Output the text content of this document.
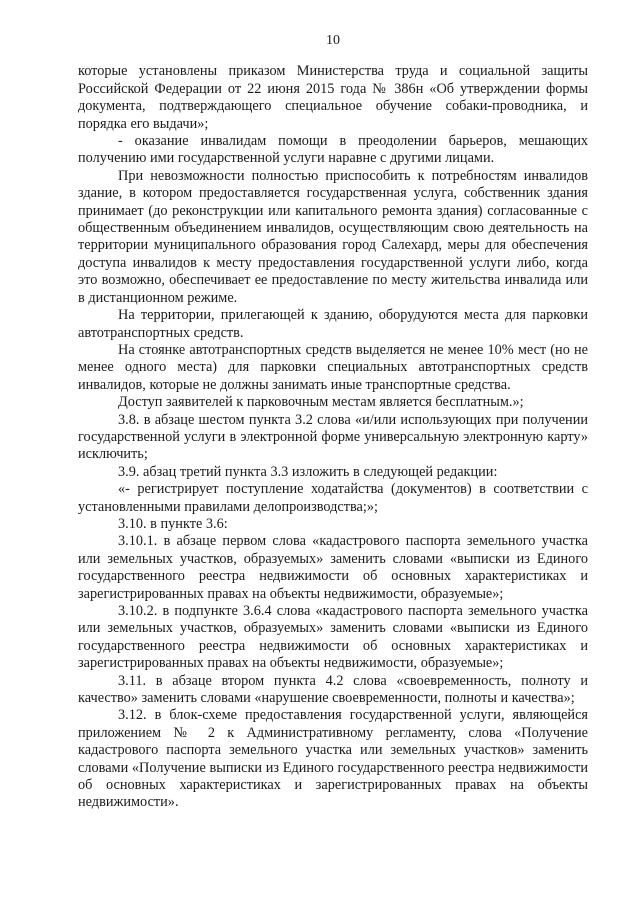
10

которые установлены приказом Министерства труда и социальной защиты Российской Федерации от 22 июня 2015 года № 386н «Об утверждении формы документа, подтверждающего специальное обучение собаки-проводника, и порядка его выдачи»;

- оказание инвалидам помощи в преодолении барьеров, мешающих получению ими государственной услуги наравне с другими лицами.

При невозможности полностью приспособить к потребностям инвалидов здание, в котором предоставляется государственная услуга, собственник здания принимает (до реконструкции или капитального ремонта здания) согласованные с общественным объединением инвалидов, осуществляющим свою деятельность на территории муниципального образования город Салехард, меры для обеспечения доступа инвалидов к месту предоставления государственной услуги либо, когда это возможно, обеспечивает ее предоставление по месту жительства инвалида или в дистанционном режиме.

На территории, прилегающей к зданию, оборудуются места для парковки автотранспортных средств.

На стоянке автотранспортных средств выделяется не менее 10% мест (но не менее одного места) для парковки специальных автотранспортных средств инвалидов, которые не должны занимать иные транспортные средства.

Доступ заявителей к парковочным местам является бесплатным.»;

3.8. в абзаце шестом пункта 3.2 слова «и/или использующих при получении государственной услуги в электронной форме универсальную электронную карту» исключить;

3.9. абзац третий пункта 3.3 изложить в следующей редакции:

«- регистрирует поступление ходатайства (документов) в соответствии с установленными правилами делопроизводства;»;

3.10. в пункте 3.6:

3.10.1. в абзаце первом слова «кадастрового паспорта земельного участка или земельных участков, образуемых» заменить словами «выписки из Единого государственного реестра недвижимости об основных характеристиках и зарегистрированных правах на объекты недвижимости, образуемые»;

3.10.2. в подпункте 3.6.4 слова «кадастрового паспорта земельного участка или земельных участков, образуемых» заменить словами «выписки из Единого государственного реестра недвижимости об основных характеристиках и зарегистрированных правах на объекты недвижимости, образуемые»;

3.11. в абзаце втором пункта 4.2 слова «своевременность, полноту и качество» заменить словами «нарушение своевременности, полноты и качества»;

3.12. в блок-схеме предоставления государственной услуги, являющейся приложением № 2 к Административному регламенту, слова «Получение кадастрового паспорта земельного участка или земельных участков» заменить словами «Получение выписки из Единого государственного реестра недвижимости об основных характеристиках и зарегистрированных правах на объекты недвижимости».
